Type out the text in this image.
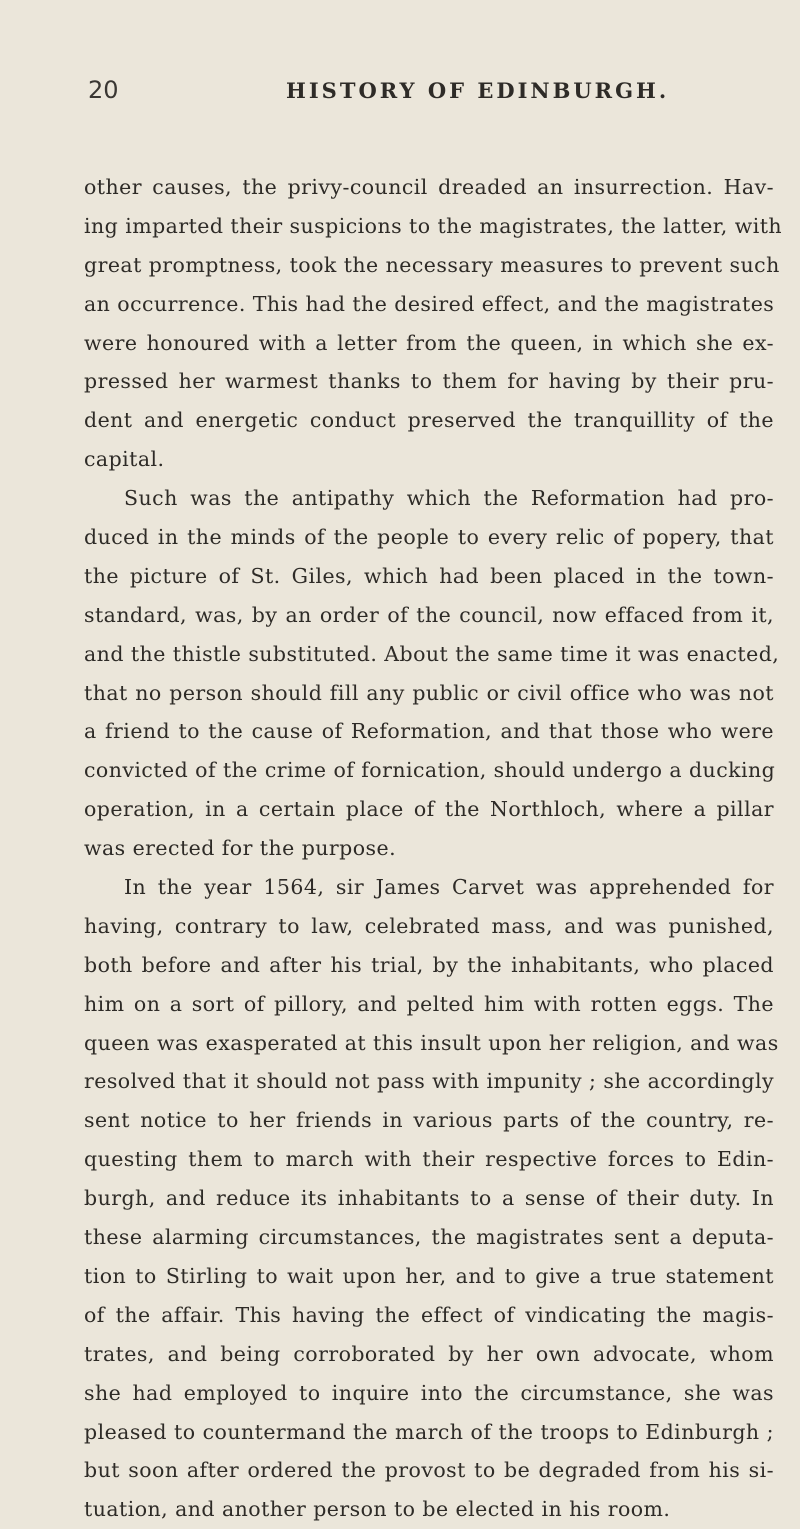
20	HISTORY OF EDINBURGH.
other causes, the privy-council dreaded an insurrection. Hav-
ing imparted their suspicions to the magistrates, the latter, with
great promptness, took the necessary measures to prevent such
an occurrence. This had the desired effect, and the magistrates
were honoured with a letter from the queen, in which she ex-
pressed her warmest thanks to them for having by their pru-
dent and energetic conduct preserved the tranquillity of the
capital.
Such was the antipathy which the Reformation had pro-
duced in the minds of the people to every relic of popery, that
the picture of St. Giles, which had been placed in the town-
standard, was, by an order of the council, now effaced from it,
and the thistle substituted. About the same time it was enacted,
that no person should fill any public or civil office who was not
a friend to the cause of Reformation, and that those who were
convicted of the crime of fornication, should undergo a ducking
operation, in a certain place of the Northloch, where a pillar
was erected for the purpose.
In the year 1564, sir James Carvet was apprehended for
having, contrary to law, celebrated mass, and was punished,
both before and after his trial, by the inhabitants, who placed
him on a sort of pillory, and pelted him with rotten eggs. The
queen was exasperated at this insult upon her religion, and was
resolved that it should not pass with impunity ; she accordingly
sent notice to her friends in various parts of the country, re-
questing them to march with their respective forces to Edin-
burgh, and reduce its inhabitants to a sense of their duty. In
these alarming circumstances, the magistrates sent a deputa-
tion to Stirling to wait upon her, and to give a true statement
of the affair. This having the effect of vindicating the magis-
trates, and being corroborated by her own advocate, whom
she had employed to inquire into the circumstance, she was
pleased to countermand the march of the troops to Edinburgh ;
but soon after ordered the provost to be degraded from his si-
tuation, and another person to be elected in his room.
